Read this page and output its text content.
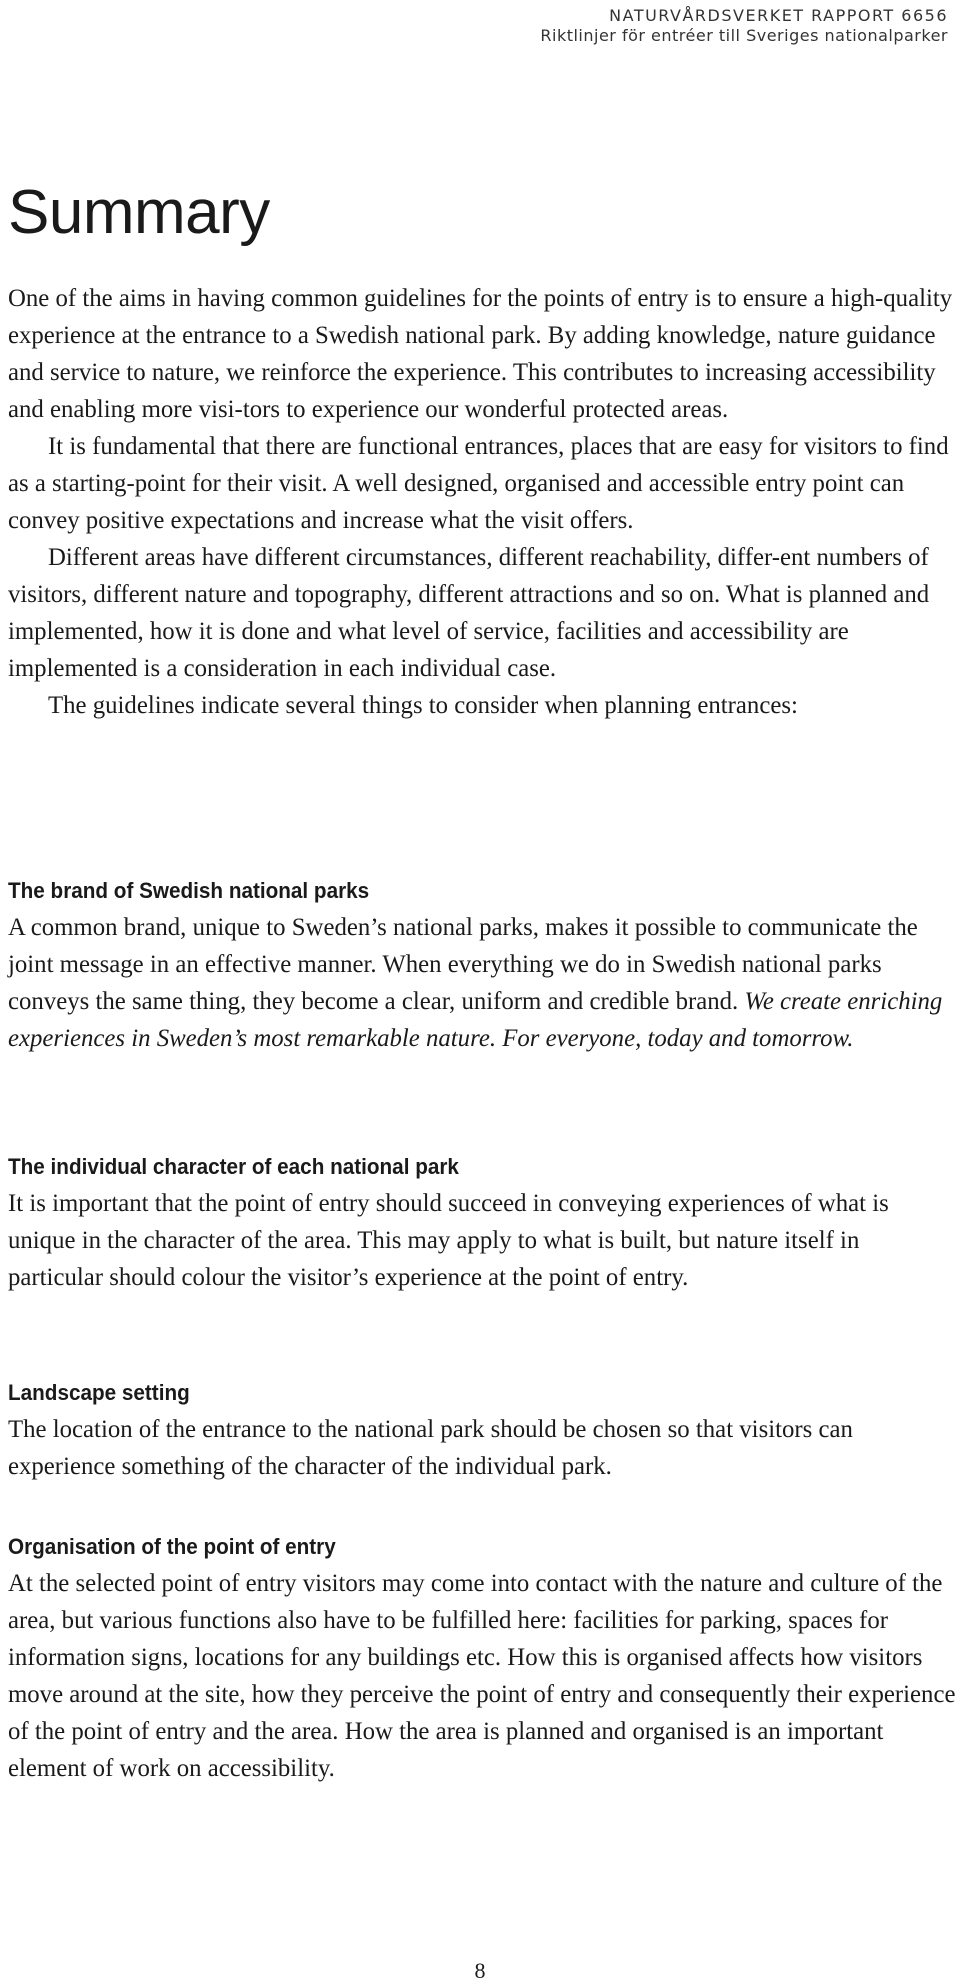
NATURVÅRDSVERKET RAPPORT 6656
Riktlinjer för entréer till Sveriges nationalparker
Summary

One of the aims in having common guidelines for the points of entry is to ensure a high-quality experience at the entrance to a Swedish national park. By adding knowledge, nature guidance and service to nature, we reinforce the experience. This contributes to increasing accessibility and enabling more visi-tors to experience our wonderful protected areas.

It is fundamental that there are functional entrances, places that are easy for visitors to find as a starting-point for their visit. A well designed, organised and accessible entry point can convey positive expectations and increase what the visit offers.

Different areas have different circumstances, different reachability, differ-ent numbers of visitors, different nature and topography, different attractions and so on. What is planned and implemented, how it is done and what level of service, facilities and accessibility are implemented is a consideration in each individual case.

The guidelines indicate several things to consider when planning entrances:

The brand of Swedish national parks

A common brand, unique to Sweden’s national parks, makes it possible to communicate the joint message in an effective manner. When everything we do in Swedish national parks conveys the same thing, they become a clear, uniform and credible brand. We create enriching experiences in Sweden’s most remarkable nature. For everyone, today and tomorrow.

The individual character of each national park

It is important that the point of entry should succeed in conveying experiences of what is unique in the character of the area. This may apply to what is built, but nature itself in particular should colour the visitor’s experience at the point of entry.

Landscape setting

The location of the entrance to the national park should be chosen so that visitors can experience something of the character of the individual park.

Organisation of the point of entry

At the selected point of entry visitors may come into contact with the nature and culture of the area, but various functions also have to be fulfilled here: facilities for parking, spaces for information signs, locations for any buildings etc. How this is organised affects how visitors move around at the site, how they perceive the point of entry and consequently their experience of the point of entry and the area. How the area is planned and organised is an important element of work on accessibility.

8
